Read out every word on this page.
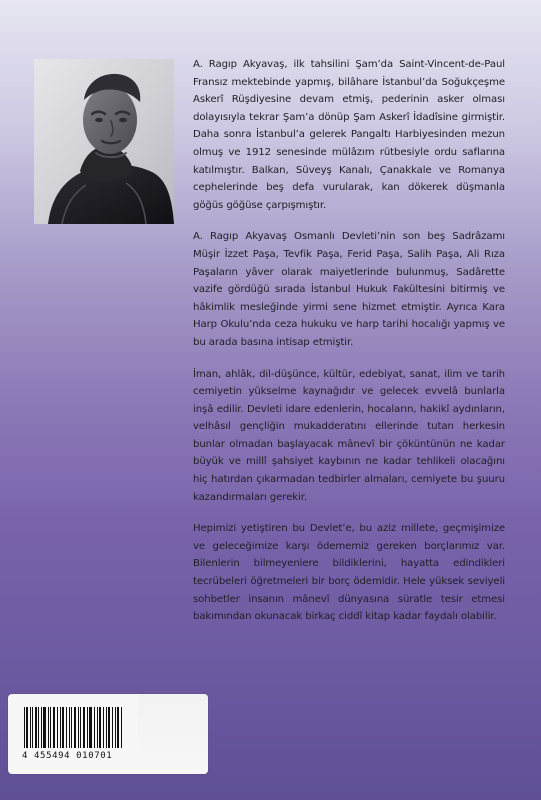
A. Ragıp Akyavaş, ilk tahsilini Şam’da Saint-Vincent-de-Paul Fransız mektebinde yapmış, bilâhare İstanbul’da Soğukçeşme Askerî Rüşdiyesine devam etmiş, pederinin asker olması dolayısıyla tekrar Şam’a dönüp Şam Askerî İdadîsine girmiştir. Daha sonra İstanbul’a gelerek Pangaltı Harbiyesinden mezun olmuş ve 1912 senesinde mülâzım rütbesiyle ordu saflarına katılmıştır. Balkan, Süveyş Kanalı, Çanakkale ve Romanya cephelerinde beş defa vurularak, kan dökerek düşmanla göğüs göğüse çarpışmıştır.

A. Ragıp Akyavaş Osmanlı Devleti’nin son beş Sadrâzamı Müşir İzzet Paşa, Tevfik Paşa, Ferid Paşa, Salih Paşa, Ali Rıza Paşaların yâver olarak maiyetlerinde bulunmuş, Sadârette vazife gördüğü sırada İstanbul Hukuk Fakültesini bitirmiş ve hâkimlik mesleğinde yirmi sene hizmet etmiştir. Ayrıca Kara Harp Okulu’nda ceza hukuku ve harp tarihi hocalığı yapmış ve bu arada basına intisap etmiştir.

İman, ahlâk, dil-düşünce, kültür, edebiyat, sanat, ilim ve tarih cemiyetin yükselme kaynağıdır ve gelecek evvelâ bunlarla inşâ edilir. Devleti idare edenlerin, hocaların, hakikî aydınların, velhâsıl gençliğin mukadderatını ellerinde tutan herkesin bunlar olmadan başlayacak mânevî bir çöküntünün ne kadar büyük ve millî şahsiyet kaybının ne kadar tehlikeli olacağını hiç hatırdan çıkarmadan tedbirler almaları, cemiyete bu şuuru kazandırmaları gerekir.

Hepimizi yetiştiren bu Devlet’e, bu aziz millete, geçmişimize ve geleceğimize karşı ödememiz gereken borçlarımız var. Bilenlerin bilmeyenlere bildiklerini, hayatta edindikleri tecrübeleri öğretmeleri bir borç ödemidir. Hele yüksek seviyeli sohbetler insanın mânevî dünyasına süratle tesir etmesi bakımından okunacak birkaç ciddî kitap kadar faydalı olabilir.

4 455494 010701
